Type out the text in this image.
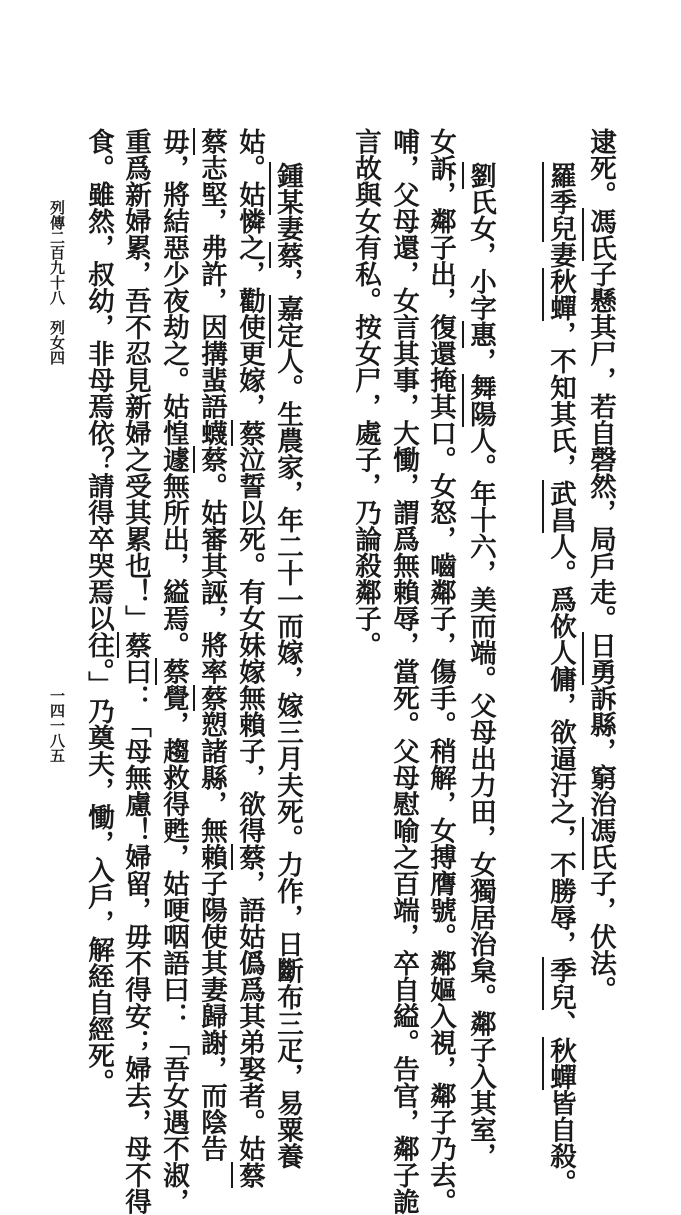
逮死。馮氏子懸其尸，若自磬然，局戶走。日勇訴縣，窮治馮氏子，伏法。
羅季兒妻秋蟬，不知其氏，武昌人。爲佽人傭，欲逼汙之，不勝辱，季兒、秋蟬皆自殺。
劉氏女，小字惠，舞陽人。年十六，美而端。父母出力田，女獨居治枲。鄰子入其室，
女訴，鄰子出，復還掩其口。女怒，嚙鄰子，傷手。稍解，女搏膺號。鄰嫗入視，鄰子乃去。
哺，父母還，女言其事，大慟，謂爲無賴辱，當死。父母慰喻之百端，卒自縊。告官，鄰子詭
言故與女有私。按女尸，處子，乃論殺鄰子。
鍾某妻蔡，嘉定人。生農家，年二十一而嫁，嫁三月夫死。力作，日斷布三疋，易粟養
姑。姑憐之，勸使更嫁，蔡泣誓以死。有女妹嫁無賴子，欲得蔡，語姑僞爲其弟娶者。姑蔡
蔡志堅，弗許，因搆蜚語蠛蔡。姑審其誣，將率蔡愬諸縣，無賴子陽使其妻歸謝，而陰告
毋，將結惡少夜劫之。姑惶遽無所出，縊焉。蔡覺，趨救得甦，姑哽咽語曰：「吾女遇不淑，
重爲新婦累，吾不忍見新婦之受其累也！」蔡曰：「母無慮！婦留，毋不得安；婦去，母不得
食。雖然，叔幼，非母焉依？請得卒哭焉以往。」乃奠夫，慟，入戶，解絰自經死。
列傳二百九十八　列女四
一四一八五
